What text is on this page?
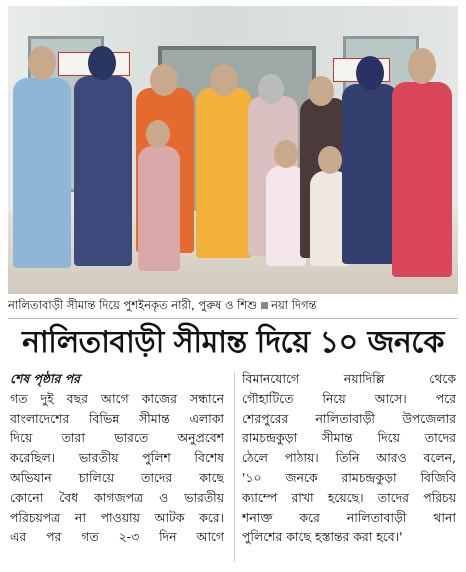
নালিতাবাড়ী সীমান্ত দিয়ে পুশইনকৃত নারী, পুরুষ ও শিশু নয়া দিগন্ত
নালিতাবাড়ী সীমান্ত দিয়ে ১০ জনকে

শেষ পৃষ্ঠার পর

গত দুই বছর আগে কাজের সন্ধানে

বাংলাদেশের বিভিন্ন সীমান্ত এলাকা

দিয়ে তারা ভারতে অনুপ্রবেশ

করেছিল। ভারতীয় পুলিশ বিশেষ

অভিযান চালিয়ে তাদের কাছে

কোনো বৈধ কাগজপত্র ও ভারতীয়

পরিচয়পত্র না পাওয়ায় আটক করে।

এর পর গত ২-৩ দিন আগে

বিমানযোগে নয়াদিল্লি থেকে

গৌহাটিতে নিয়ে আসে। পরে

শেরপুরের নালিতাবাড়ী উপজেলার

রামচন্দ্রকুড়া সীমান্ত দিয়ে তাদের

ঠেলে পাঠায়। তিনি আরও বলেন,

'১০ জনকে রামচন্দ্রকুড়া বিজিবি

ক্যাম্পে রাখা হয়েছে। তাদের পরিচয়

শনাক্ত করে নালিতাবাড়ী থানা

পুলিশের কাছে হস্তান্তর করা হবে।'
